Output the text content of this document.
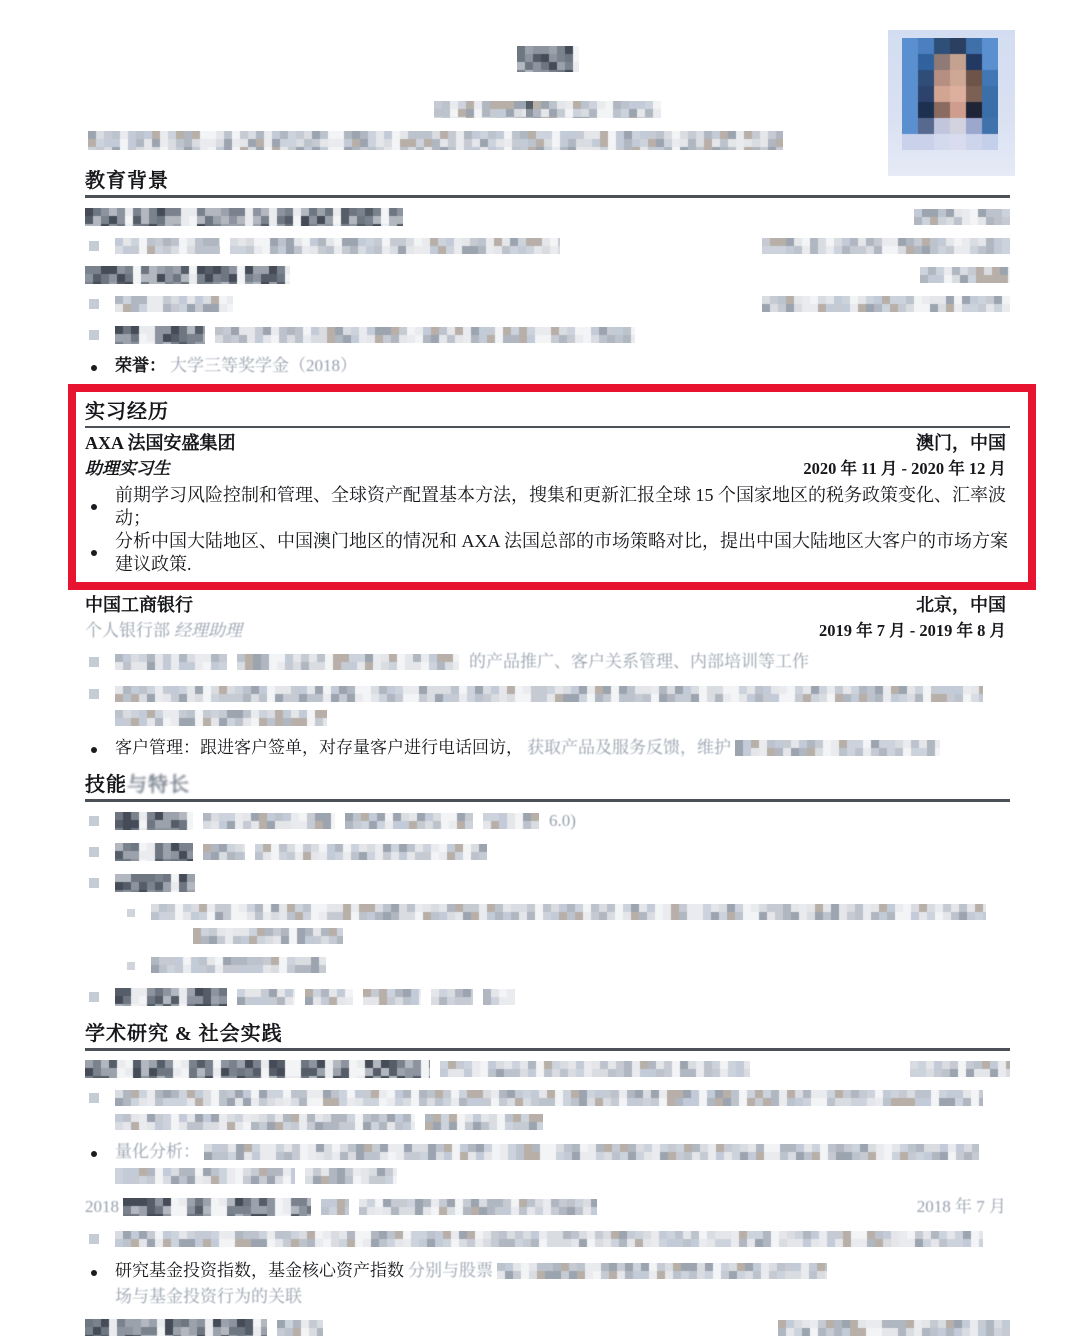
教育背景
荣誉： 大学三等奖学金（2018）
实习经历
AXA 法国安盛集团	澳门，中国
助理实习生	2020 年 11 月 - 2020 年 12 月
前期学习风险控制和管理、全球资产配置基本方法，搜集和更新汇报全球 15 个国家地区的税务政策变化、汇率波动；
分析中国大陆地区、中国澳门地区的情况和 AXA 法国总部的市场策略对比，提出中国大陆地区大客户的市场方案建议政策.
中国工商银行	北京，中国
个人银行部 经理助理	2019 年 7 月 - 2019 年 8 月
的产品推广、客户关系管理、内部培训等工作
客户管理：跟进客户签单，对存量客户进行电话回访， 获取产品及服务反馈，维护
技能与特长
6.0)
学术研究 & 社会实践
量化分析：
2018	2018 年 7 月
研究基金投资指数，基金核心资产指数 分别与股票
场与基金投资行为的关联
